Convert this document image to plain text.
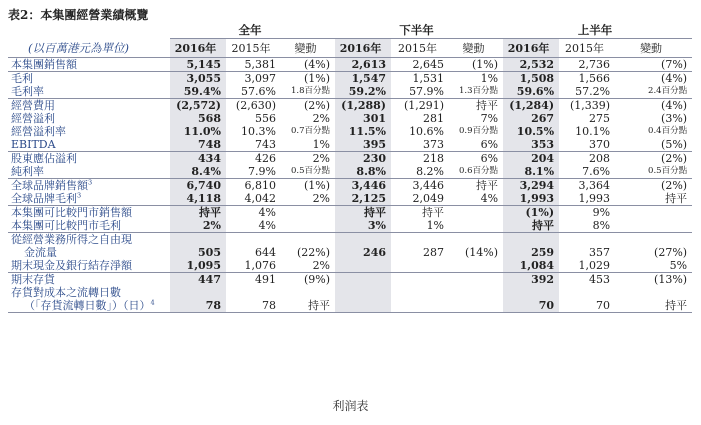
表2：本集團經營業績概覽
(以百萬港元為單位)
	全年			下半年			上半年		
	2016年	2015年	變動	2016年	2015年	變動	2016年	2015年	變動
本集團銷售額	5,145	5,381	(4%)	2,613	2,645	(1%)	2,532	2,736	(7%)
毛利	3,055	3,097	(1%)	1,547	1,531	1%	1,508	1,566	(4%)
毛利率	59.4%	57.6%	1.8百分點	59.2%	57.9%	1.3百分點	59.6%	57.2%	2.4百分點
經營費用	(2,572)	(2,630)	(2%)	(1,288)	(1,291)	持平	(1,284)	(1,339)	(4%)
經營溢利	568	556	2%	301	281	7%	267	275	(3%)
經營溢利率	11.0%	10.3%	0.7百分點	11.5%	10.6%	0.9百分點	10.5%	10.1%	0.4百分點
EBITDA	748	743	1%	395	373	6%	353	370	(5%)
股東應佔溢利	434	426	2%	230	218	6%	204	208	(2%)
純利率	8.4%	7.9%	0.5百分點	8.8%	8.2%	0.6百分點	8.1%	7.6%	0.5百分點
全球品牌銷售額$^3$	6,740	6,810	(1%)	3,446	3,446	持平	3,294	3,364	(2%)
全球品牌毛利$^3$	4,118	4,042	2%	2,125	2,049	4%	1,993	1,993	持平
本集團可比較門市銷售額	持平	4%		持平	持平		(1%)	9%	
本集團可比較門市毛利	2%	4%		3%	1%		持平	8%	
從經營業務所得之自由現									
金流量	505	644	(22%)	246	287	(14%)	259	357	(27%)
期末現金及銀行結存淨額	1,095	1,076	2%				1,084	1,029	5%
期末存貨	447	491	(9%)				392	453	(13%)
存貨對成本之流轉日數									
（「存貨流轉日數」）（日）$^4$	78	78	持平				70	70	持平
利润表
